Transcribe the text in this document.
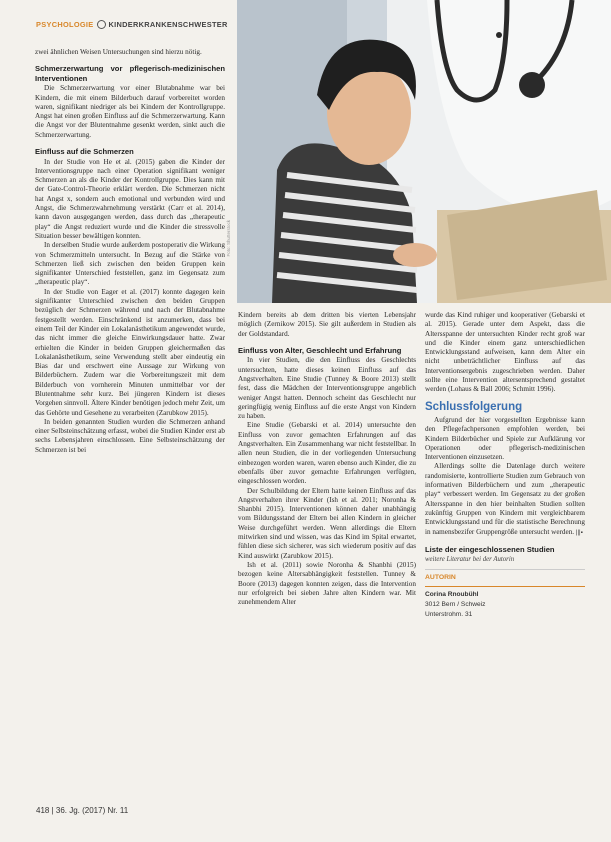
PSYCHOLOGIE KINDERKRANKENSCHWESTER
Foto: Shutterstock

zwei ähnlichen Weisen Untersuchungen sind hierzu nötig.

Schmerzerwartung vor pflegerisch-medizinischen Interventionen

Die Schmerzerwartung vor einer Blutabnahme war bei Kindern, die mit einem Bilderbuch darauf vorbereitet worden waren, signifikant niedriger als bei Kindern der Kontrollgruppe. Angst hat einen großen Einfluss auf die Schmerzerwartung. Kann die Angst vor der Blutentnahme gesenkt werden, sinkt auch die Schmerzerwartung.

Einfluss auf die Schmerzen

In der Studie von He et al. (2015) gaben die Kinder der Interventionsgruppe nach einer Operation signifikant weniger Schmerzen an als die Kinder der Kontrollgruppe. Dies kann mit der Gate-Control-Theorie erklärt werden. Die Schmerzen nicht hat Angst x, sondern auch emotional und verbunden wird und Angst, die Schmerzwahrnehmung verstärkt (Carr et al. 2014), kann davon ausgegangen werden, dass durch das „therapeutic play“ die Angst reduziert wurde und die Kinder die stressvolle Situation besser bewältigen konnten.

In derselben Studie wurde außerdem postoperativ die Wirkung von Schmerzmitteln untersucht. In Bezug auf die Stärke von Schmerzen ließ sich zwischen den beiden Gruppen kein signifikanter Unterschied feststellen, ganz im Gegensatz zum „therapeutic play“.

In der Studie von Eager et al. (2017) konnte dagegen kein signifikanter Unterschied zwischen den beiden Gruppen bezüglich der Schmerzen während und nach der Blutabnahme festgestellt werden. Einschränkend ist anzumerken, dass bei einem Teil der Kinder ein Lokalanästhetikum angewendet wurde, das nicht immer die gleiche Einwirkungsdauer hatte. Zwar erhielten die Kinder in beiden Gruppen gleichermaßen das Lokalanästhetikum, seine Verwendung stellt aber eindeutig ein Bias dar und erschwert eine Aussage zur Wirkung von Bilderbüchern. Zudem war die Vorbereitungszeit mit dem Bilderbuch von vornherein Minuten unmittelbar vor der Blutentnahme sehr kurz. Bei jüngeren Kindern ist dieses Vorgehen sinnvoll. Ältere Kinder benötigen jedoch mehr Zeit, um das Gehörte und Gesehene zu verarbeiten (Zarubkow 2015).

In beiden genannten Studien wurden die Schmerzen anhand einer Selbsteinschätzung erfasst, wobei die Studien Kinder erst ab sechs Lebensjahren einschlossen. Eine Selbsteinschätzung der Schmerzen ist bei

Kindern bereits ab dem dritten bis vierten Lebensjahr möglich (Zernikow 2015). Sie gilt außerdem in Studien als der Goldstandard.

Einfluss von Alter, Geschlecht und Erfahrung

In vier Studien, die den Einfluss des Geschlechts untersuchten, hatte dieses keinen Einfluss auf das Angstverhalten. Eine Studie (Tunney & Boore 2013) stellt fest, dass die Mädchen der Interventionsgruppe angeblich weniger Angst hatten. Dennoch scheint das Geschlecht nur geringfügig wenig Einfluss auf die erste Angst von Kindern zu haben.

Eine Studie (Gebarski et al. 2014) untersuchte den Einfluss von zuvor gemachten Erfahrungen auf das Angstverhalten. Ein Zusammenhang war nicht feststellbar. In allen neun Studien, die in der vorliegenden Untersuchung einbezogen worden waren, waren ebenso auch Kinder, die zu ebenfalls über zuvor gemachte Erfahrungen verfügten, eingeschlossen worden.

Der Schulbildung der Eltern hatte keinen Einfluss auf das Angstverhalten ihrer Kinder (Ish et al. 2011; Noronha & Shanbhi 2015). Interventionen können daher unabhängig vom Bildungsstand der Eltern bei allen Kindern in gleicher Weise durchgeführt werden. Wenn allerdings die Eltern mitwirken sind und wissen, was das Kind im Spital erwartet, fühlen diese sich sicherer, was sich wiederum positiv auf das Kind auswirkt (Zarubkow 2015).

Ish et al. (2011) sowie Noronha & Shanbhi (2015) bezogen keine Altersabhängigkeit feststellen. Tunney & Boore (2013) dagegen konnten zeigen, dass die Intervention nur erfolgreich bei sieben Jahre alten Kindern war. Mit zunehmendem Alter

wurde das Kind ruhiger und kooperativer (Gebarski et al. 2015). Gerade unter dem Aspekt, dass die Altersspanne der untersuchten Kinder recht groß war und die Kinder einem ganz unterschiedlichen Entwicklungsstand aufweisen, kann dem Alter ein nicht unbeträchtlicher Einfluss auf das Interventionsergebnis zugeschrieben werden. Daher sollte eine Intervention altersentsprechend gestaltet werden (Lohaus & Ball 2006; Schmitt 1996).

Schlussfolgerung

Aufgrund der hier vorgestellten Ergebnisse kann den Pflegefachpersonen empfohlen werden, bei Kindern Bilderbücher und Spiele zur Aufklärung vor Operationen oder pflegerisch-medizinischen Interventionen einzusetzen.

Allerdings sollte die Datenlage durch weitere randomisierte, kontrollierte Studien zum Gebrauch von informativen Bilderbüchern und zum „therapeutic play“ verbessert werden. Im Gegensatz zu der großen Altersspanne in den hier beinhalten Studien sollten zukünftig Gruppen von Kindern mit vergleichbarem Entwicklungsstand und für die statistische Berechnung in namensbezifer Gruppengröße untersucht werden. |||▪

Liste der eingeschlossenen Studien

weitere Literatur bei der Autorin

AUTORIN
Corina Rnoubühl
3012 Bern / Schweiz
Unterstrohm. 31
418 | 36. Jg. (2017) Nr. 11
